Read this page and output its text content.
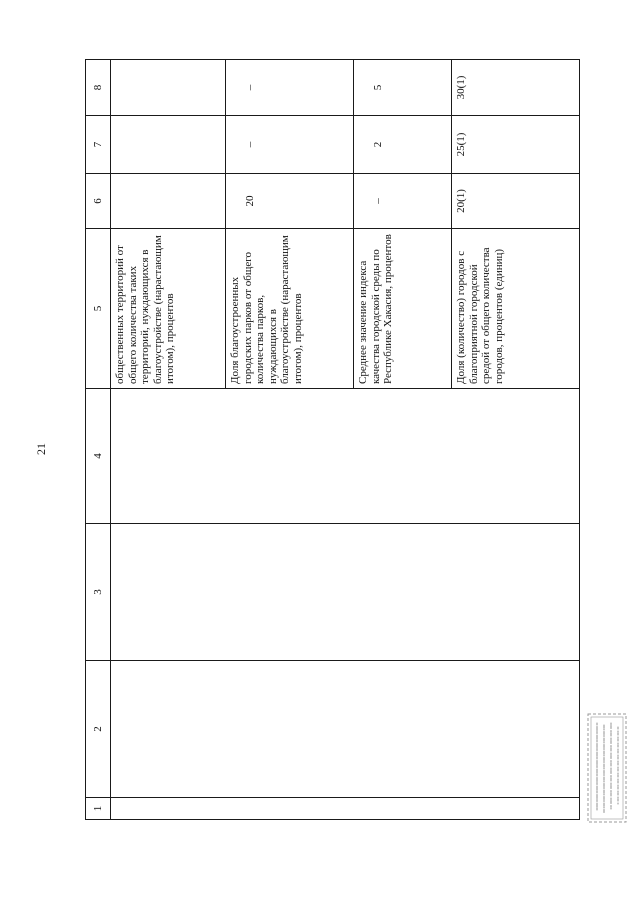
21
1	2	3	4	5	6	7	8
				общественных территорий от общего количества таких территорий, нуждающихся в благоустройстве (нарастающим итогом), процентов			
				Доля благоустроенных городских парков от общего количества парков, нуждающихся в благоустройстве (нарастающим итогом), процентов	20	–	–
				Среднее значение индекса качества городской среды по Республике Хакасия, процентов	–	2	5
				Доля (количество) городов с благоприятной городской средой от общего количества городов, процентов (единиц)	20(1)	25(1)	30(1)
